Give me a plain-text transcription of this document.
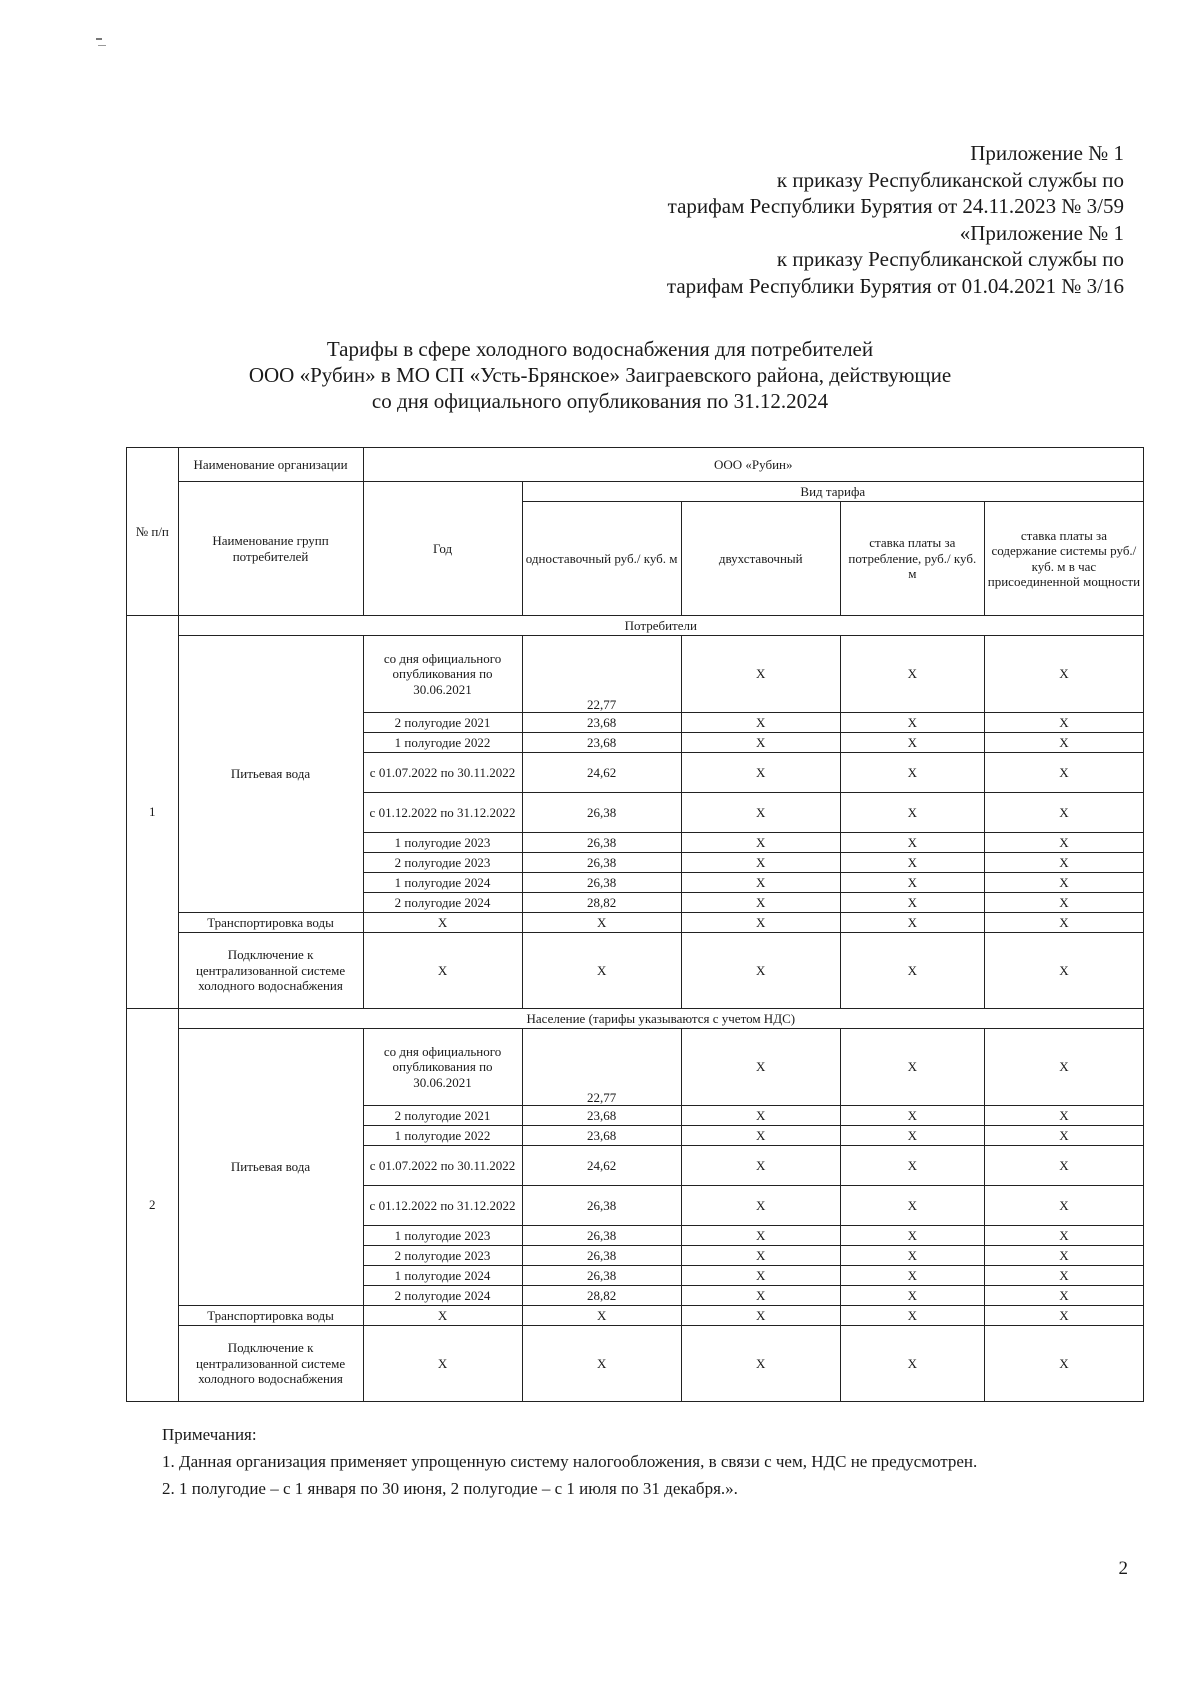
Приложение № 1
к приказу Республиканской службы по
тарифам Республики Бурятия от 24.11.2023 № 3/59
«Приложение № 1
к приказу Республиканской службы по
тарифам Республики Бурятия от 01.04.2021 № 3/16
Тарифы в сфере холодного водоснабжения для потребителей
ООО «Рубин» в МО СП «Усть-Брянское» Заиграевского района, действующие
со дня официального опубликования по 31.12.2024
№ п/п	Наименование организации	ООО «Рубин»				
	Наименование групп потребителей	Год	Вид тарифа			
			одноставочный руб./ куб. м	двухставочный	ставка платы за потребление, руб./ куб. м	ставка платы за содержание системы руб./куб. м в час присоединенной мощности
1	Потребители					
	Питьевая вода	со дня официального опубликования по 30.06.2021	22,77	X	X	X
		2 полугодие 2021	23,68	X	X	X
		1 полугодие 2022	23,68	X	X	X
		с 01.07.2022 по 30.11.2022	24,62	X	X	X
		с 01.12.2022 по 31.12.2022	26,38	X	X	X
		1 полугодие 2023	26,38	X	X	X
		2 полугодие 2023	26,38	X	X	X
		1 полугодие 2024	26,38	X	X	X
		2 полугодие 2024	28,82	X	X	X
	Транспортировка воды	X	X	X	X	X
	Подключение к централизованной системе холодного водоснабжения	X	X	X	X	X
2	Население (тарифы указываются с учетом НДС)					
	Питьевая вода	со дня официального опубликования по 30.06.2021	22,77	X	X	X
		2 полугодие 2021	23,68	X	X	X
		1 полугодие 2022	23,68	X	X	X
		с 01.07.2022 по 30.11.2022	24,62	X	X	X
		с 01.12.2022 по 31.12.2022	26,38	X	X	X
		1 полугодие 2023	26,38	X	X	X
		2 полугодие 2023	26,38	X	X	X
		1 полугодие 2024	26,38	X	X	X
		2 полугодие 2024	28,82	X	X	X
	Транспортировка воды	X	X	X	X	X
	Подключение к централизованной системе холодного водоснабжения	X	X	X	X	X
Примечания:
1. Данная организация применяет упрощенную систему налогообложения, в связи с чем, НДС не предусмотрен.
2. 1 полугодие – с 1 января по 30 июня, 2 полугодие – с 1 июля по 31 декабря.».
2
